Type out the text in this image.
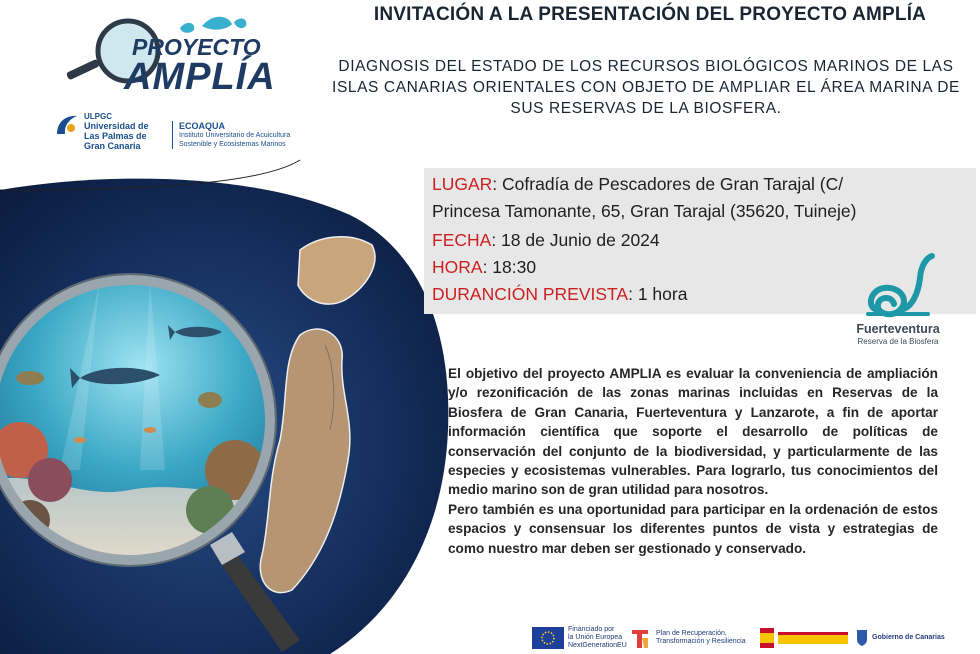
PROYECTO
AMPLÍA
ULPGC
Universidad de
Las Palmas de
Gran Canaria
ECOAQUA
Instituto Universitario de Acuicultura
Sostenible y Ecosistemas Marinos
INVITACIÓN A LA PRESENTACIÓN DEL PROYECTO AMPLÍA
DIAGNOSIS DEL ESTADO DE LOS RECURSOS BIOLÓGICOS MARINOS DE LAS ISLAS CANARIAS ORIENTALES CON OBJETO DE AMPLIAR EL ÁREA MARINA DE SUS RESERVAS DE LA BIOSFERA.
LUGAR: Cofradía de Pescadores de Gran Tarajal (C/
Princesa Tamonante, 65, Gran Tarajal (35620, Tuineje)
FECHA: 18 de Junio de 2024
HORA: 18:30
DURANCIÓN PREVISTA: 1 hora
Fuerteventura
Reserva de la Biosfera

El objetivo del proyecto AMPLIA es evaluar la conveniencia de ampliación y/o rezonificación de las zonas marinas incluidas en Reservas de la Biosfera de Gran Canaria, Fuerteventura y Lanzarote, a fin de aportar información científica que soporte el desarrollo de políticas de conservación del conjunto de la biodiversidad, y particularmente de las especies y ecosistemas vulnerables. Para lograrlo, tus conocimientos del medio marino son de gran utilidad para nosotros.

Pero también es una oportunidad para participar en la ordenación de estos espacios y consensuar los diferentes puntos de vista y estrategias de como nuestro mar deben ser gestionado y conservado.

Financiado por
la Unión Europea
NextGenerationEU
Plan de Recuperación,
Transformación y Resiliencia
Gobierno de Canarias
